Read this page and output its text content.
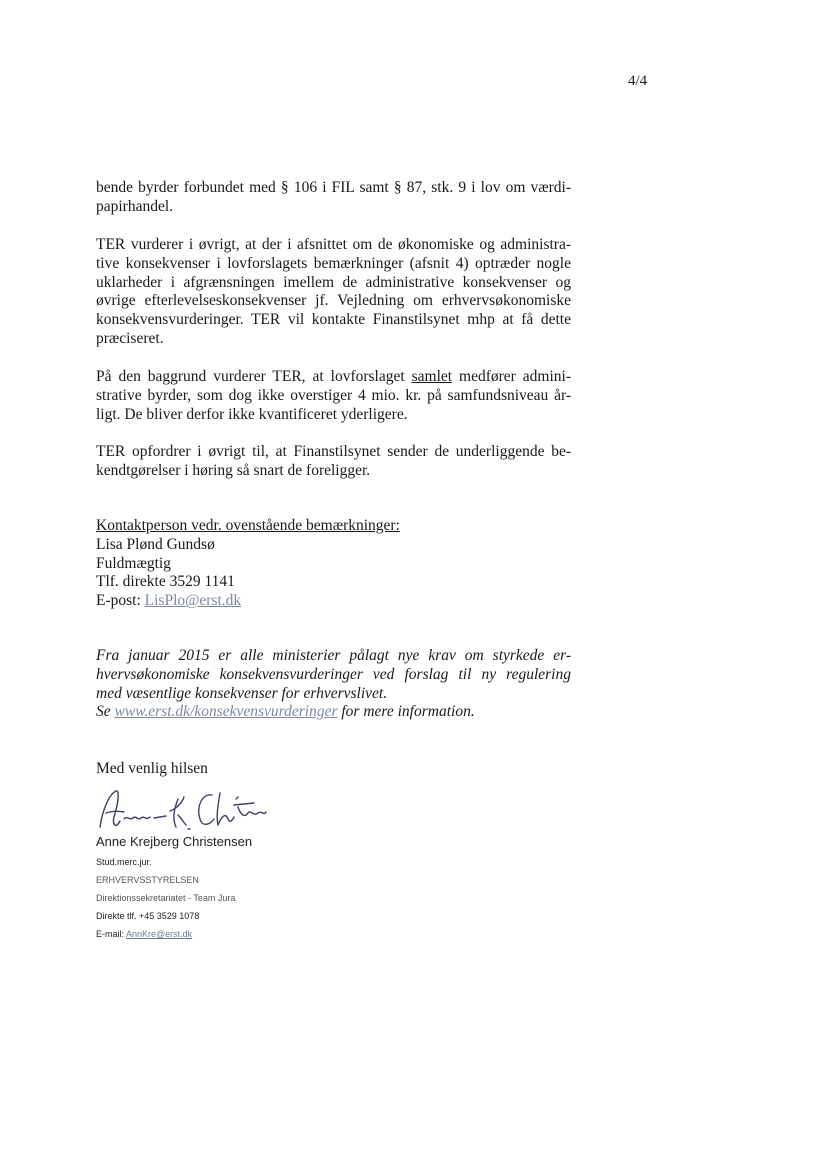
4/4
bende byrder forbundet med § 106 i FIL samt § 87, stk. 9 i lov om værdi-
papirhandel.
TER vurderer i øvrigt, at der i afsnittet om de økonomiske og administra-
tive konsekvenser i lovforslagets bemærkninger (afsnit 4) optræder nogle
uklarheder i afgrænsningen imellem de administrative konsekvenser og
øvrige efterlevelseskonsekvenser jf. Vejledning om erhvervsøkonomiske
konsekvensvurderinger. TER vil kontakte Finanstilsynet mhp at få dette
præciseret.
På den baggrund vurderer TER, at lovforslaget samlet medfører admini-
strative byrder, som dog ikke overstiger 4 mio. kr. på samfundsniveau år-
ligt. De bliver derfor ikke kvantificeret yderligere.
TER opfordrer i øvrigt til, at Finanstilsynet sender de underliggende be-
kendtgørelser i høring så snart de foreligger.
Kontaktperson vedr. ovenstående bemærkninger:
Lisa Plønd Gundsø
Fuldmægtig
Tlf. direkte 3529 1141
E-post: LisPlo@erst.dk
Fra januar 2015 er alle ministerier pålagt nye krav om styrkede er-
hvervsøkonomiske konsekvensvurderinger ved forslag til ny regulering
med væsentlige konsekvenser for erhvervslivet.
Se www.erst.dk/konsekvensvurderinger for mere information.
Med venlig hilsen
Anne Krejberg Christensen
Stud.merc.jur.
ERHVERVSSTYRELSEN
Direktionssekretariatet - Team Jura
Direkte tlf. +45 3529 1078
E-mail: AnnKre@erst.dk
